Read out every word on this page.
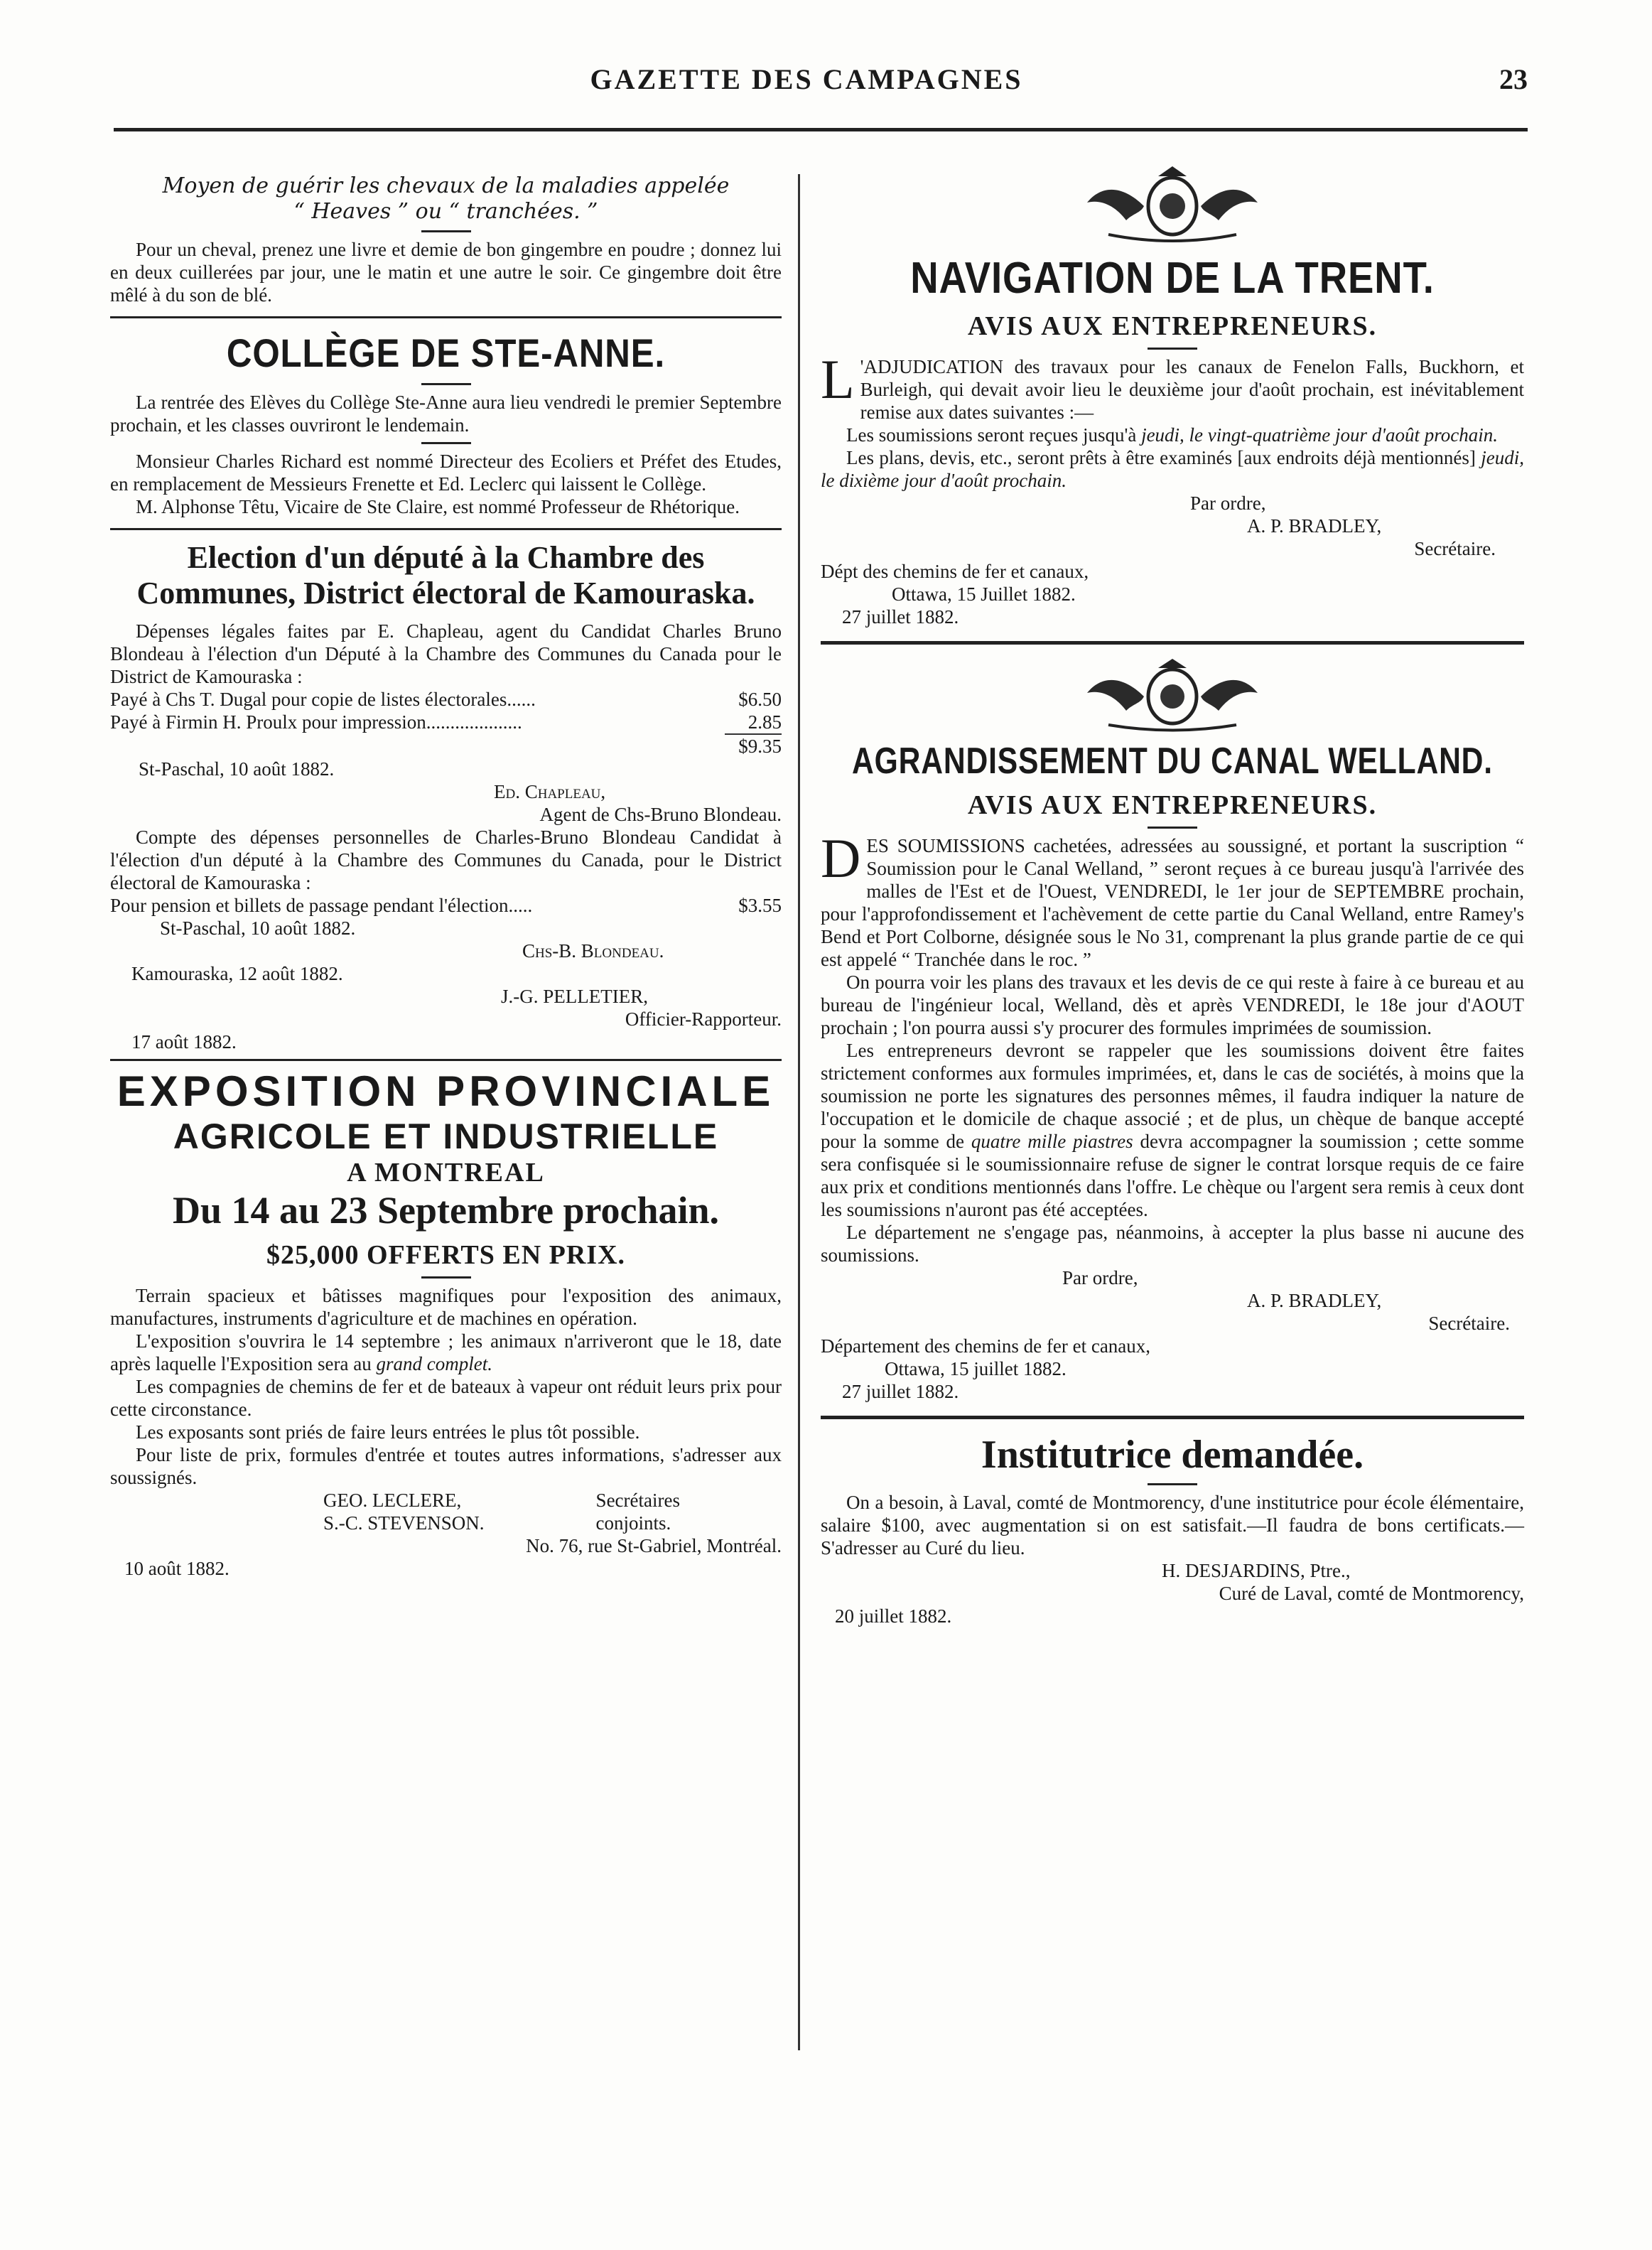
GAZETTE DES CAMPAGNES	23

Moyen de guérir les chevaux de la maladies appelée

“ Heaves ” ou “ tranchées. ”

Pour un cheval, prenez une livre et demie de bon gingembre en poudre ; donnez lui en deux cuillerées par jour, une le matin et une autre le soir. Ce gingembre doit être mêlé à du son de blé.

COLLÈGE DE STE-ANNE.

La rentrée des Elèves du Collège Ste-Anne aura lieu vendredi le premier Septembre prochain, et les classes ouvriront le lendemain.

Monsieur Charles Richard est nommé Directeur des Ecoliers et Préfet des Etudes, en remplacement de Messieurs Frenette et Ed. Leclerc qui laissent le Collège.

M. Alphonse Têtu, Vicaire de Ste Claire, est nommé Professeur de Rhétorique.

Election d'un député à la Chambre des Communes, District électoral de Kamouraska.

Dépenses légales faites par E. Chapleau, agent du Candidat Charles Bruno Blondeau à l'élection d'un Député à la Chambre des Communes du Canada pour le District de Kamouraska :

Payé à Chs T. Dugal pour copie de listes électorales......	$6.50
Payé à Firmin H. Proulx pour impression....................	2.85
$9.35

St-Paschal, 10 août 1882.

Ed. Chapleau,

Agent de Chs-Bruno Blondeau.

Compte des dépenses personnelles de Charles-Bruno Blondeau Candidat à l'élection d'un député à la Chambre des Communes du Canada, pour le District électoral de Kamouraska :

Pour pension et billets de passage pendant l'élection.....	$3.55

St-Paschal, 10 août 1882.

Chs-B. Blondeau.

Kamouraska, 12 août 1882.

J.-G. PELLETIER,

Officier-Rapporteur.

17 août 1882.

EXPOSITION PROVINCIALE
AGRICOLE ET INDUSTRIELLE
A MONTREAL
Du 14 au 23 Septembre prochain.
$25,000 OFFERTS EN PRIX.

Terrain spacieux et bâtisses magnifiques pour l'exposition des animaux, manufactures, instruments d'agriculture et de machines en opération.

L'exposition s'ouvrira le 14 septembre ; les animaux n'arriveront que le 18, date après laquelle l'Exposition sera au grand complet.

Les compagnies de chemins de fer et de bateaux à vapeur ont réduit leurs prix pour cette circonstance.

Les exposants sont priés de faire leurs entrées le plus tôt possible.

Pour liste de prix, formules d'entrée et toutes autres informations, s'adresser aux soussignés.

GEO. LECLERE,	Secrétaires
S.-C. STEVENSON.	conjoints.

No. 76, rue St-Gabriel, Montréal.

10 août 1882.

NAVIGATION DE LA TRENT.
AVIS AUX ENTREPRENEURS.
L 'ADJUDICATION des travaux pour les canaux de Fenelon Falls, Buckhorn, et Burleigh, qui devait avoir lieu le deuxième jour d'août prochain, est inévitablement remise aux dates suivantes :—

Les soumissions seront reçues jusqu'à jeudi, le vingt-quatrième jour d'août prochain.

Les plans, devis, etc., seront prêts à être examinés [aux endroits déjà mentionnés] jeudi, le dixième jour d'août prochain.

Par ordre,

A. P. BRADLEY,

Secrétaire.

Dépt des chemins de fer et canaux,

Ottawa, 15 Juillet 1882.

27 juillet 1882.

AGRANDISSEMENT DU CANAL WELLAND.
AVIS AUX ENTREPRENEURS.
D ES SOUMISSIONS cachetées, adressées au soussigné, et portant la suscription “ Soumission pour le Canal Welland, ” seront reçues à ce bureau jusqu'à l'arrivée des malles de l'Est et de l'Ouest, VENDREDI, le 1er jour de SEPTEMBRE prochain, pour l'approfondissement et l'achèvement de cette partie du Canal Welland, entre Ramey's Bend et Port Colborne, désignée sous le No 31, comprenant la plus grande partie de ce qui est appelé “ Tranchée dans le roc. ”

On pourra voir les plans des travaux et les devis de ce qui reste à faire à ce bureau et au bureau de l'ingénieur local, Welland, dès et après VENDREDI, le 18e jour d'AOUT prochain ; l'on pourra aussi s'y procurer des formules imprimées de soumission.

Les entrepreneurs devront se rappeler que les soumissions doivent être faites strictement conformes aux formules imprimées, et, dans le cas de sociétés, à moins que la soumission ne porte les signatures des personnes mêmes, il faudra indiquer la nature de l'occupation et le domicile de chaque associé ; et de plus, un chèque de banque accepté pour la somme de quatre mille piastres devra accompagner la soumission ; cette somme sera confisquée si le soumissionnaire refuse de signer le contrat lorsque requis de ce faire aux prix et conditions mentionnés dans l'offre. Le chèque ou l'argent sera remis à ceux dont les soumissions n'auront pas été acceptées.

Le département ne s'engage pas, néanmoins, à accepter la plus basse ni aucune des soumissions.

Par ordre,

A. P. BRADLEY,

Secrétaire.

Département des chemins de fer et canaux,

Ottawa, 15 juillet 1882.

27 juillet 1882.

Institutrice demandée.

On a besoin, à Laval, comté de Montmorency, d'une institutrice pour école élémentaire, salaire $100, avec augmentation si on est satisfait.—Il faudra de bons certificats.—S'adresser au Curé du lieu.

H. DESJARDINS, Ptre.,

Curé de Laval, comté de Montmorency,

20 juillet 1882.
